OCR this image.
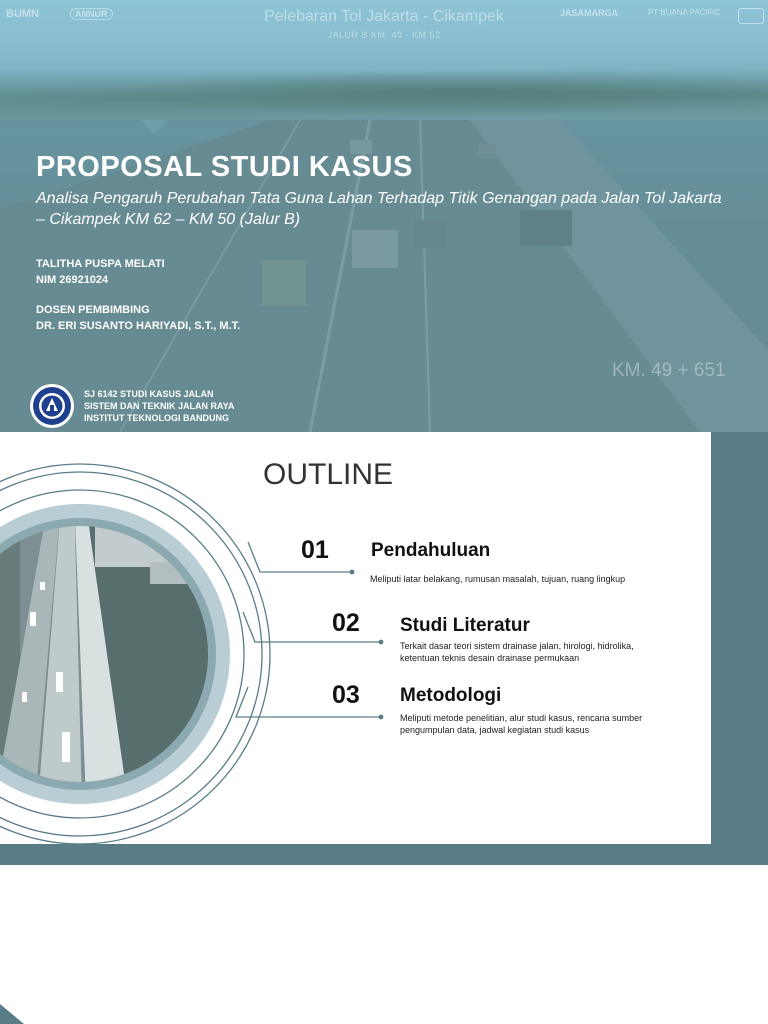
BUMN	ANNUR	Pelebaran Tol Jakarta - Cikampek
JALUR B KM. 49 - KM 62
JASAMARGA	PT BUANA PACIFIC
PROPOSAL STUDI KASUS
Analisa Pengaruh Perubahan Tata Guna Lahan Terhadap Titik Genangan pada Jalan Tol Jakarta – Cikampek KM 62 – KM 50 (Jalur B)
TALITHA PUSPA MELATI
NIM 26921024
DOSEN PEMBIMBING
DR. ERI SUSANTO HARIYADI, S.T., M.T.
KM. 49 + 651
SJ 6142 STUDI KASUS JALAN
SISTEM DAN TEKNIK JALAN RAYA
INSTITUT TEKNOLOGI BANDUNG
OUTLINE
01 Pendahuluan
Meliputi latar belakang, rumusan masalah, tujuan, ruang lingkup
02 Studi Literatur
Terkait dasar teori sistem drainase jalan, hirologi, hidrolika, ketentuan teknis desain drainase permukaan
03 Metodologi
Meliputi metode penelitian, alur studi kasus, rencana sumber pengumpulan data, jadwal kegiatan studi kasus
